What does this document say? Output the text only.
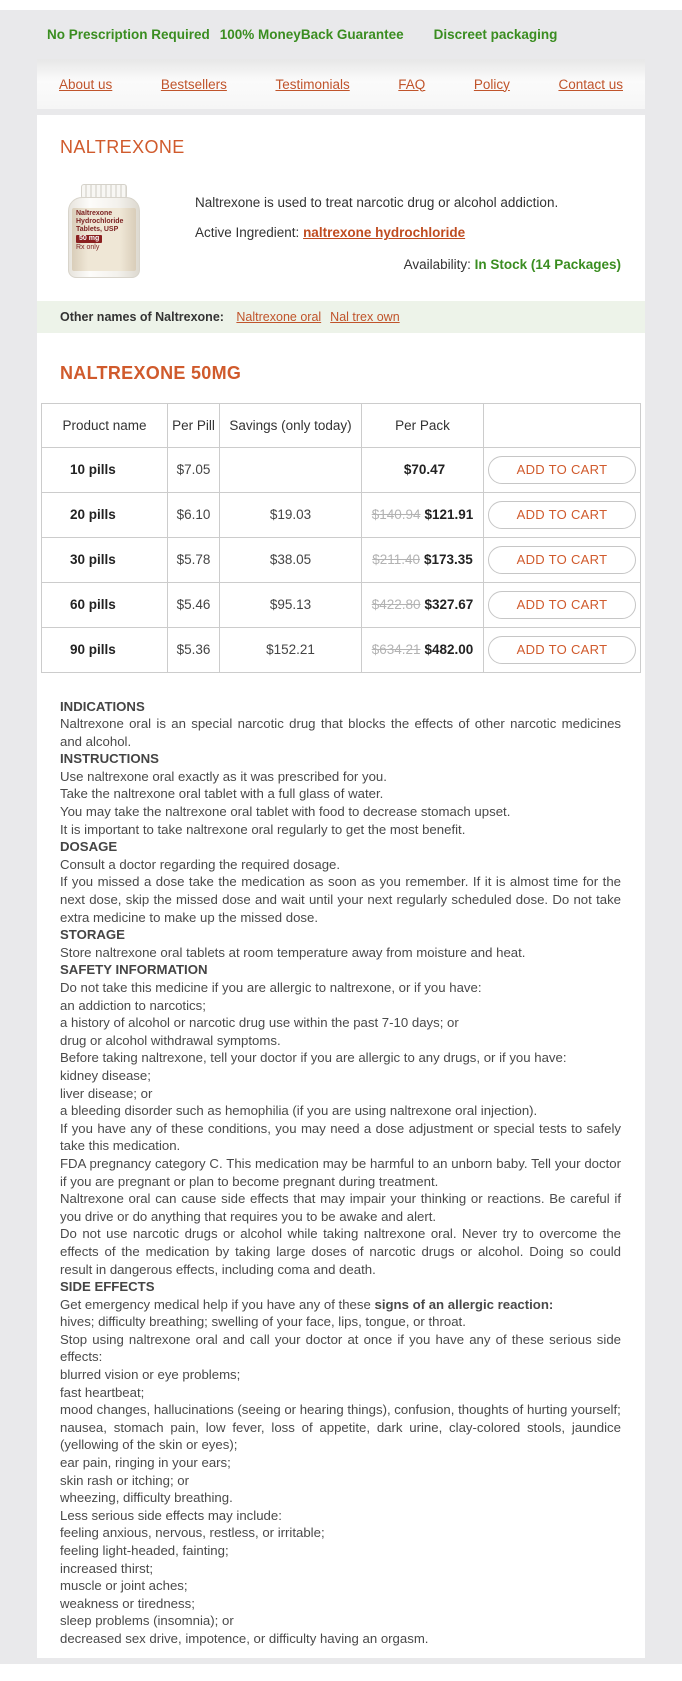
No Prescription Required 100% MoneyBack Guarantee Discreet packaging
About us	Bestsellers	Testimonials	FAQ	Policy	Contact us
NALTREXONE
Naltrexone
Hydrochloride
Tablets, USP
50 mg
Rx only

Naltrexone is used to treat narcotic drug or alcohol addiction.

Active Ingredient: naltrexone hydrochloride

Availability: In Stock (14 Packages)

Other names of Naltrexone: Naltrexone oral Nal trex own
NALTREXONE 50MG
Product name	Per Pill	Savings (only today)	Per Pack	
10 pills	$7.05		$70.47	ADD TO CART
20 pills	$6.10	$19.03	$140.94 $121.91	ADD TO CART
30 pills	$5.78	$38.05	$211.40 $173.35	ADD TO CART
60 pills	$5.46	$95.13	$422.80 $327.67	ADD TO CART
90 pills	$5.36	$152.21	$634.21 $482.00	ADD TO CART
INDICATIONS
Naltrexone oral is an special narcotic drug that blocks the effects of other narcotic medicines and alcohol.
INSTRUCTIONS
Use naltrexone oral exactly as it was prescribed for you.
Take the naltrexone oral tablet with a full glass of water.
You may take the naltrexone oral tablet with food to decrease stomach upset.
It is important to take naltrexone oral regularly to get the most benefit.
DOSAGE
Consult a doctor regarding the required dosage.
If you missed a dose take the medication as soon as you remember. If it is almost time for the next dose, skip the missed dose and wait until your next regularly scheduled dose. Do not take extra medicine to make up the missed dose.
STORAGE
Store naltrexone oral tablets at room temperature away from moisture and heat.
SAFETY INFORMATION
Do not take this medicine if you are allergic to naltrexone, or if you have:
an addiction to narcotics;
a history of alcohol or narcotic drug use within the past 7-10 days; or
drug or alcohol withdrawal symptoms.
Before taking naltrexone, tell your doctor if you are allergic to any drugs, or if you have:
kidney disease;
liver disease; or
a bleeding disorder such as hemophilia (if you are using naltrexone oral injection).
If you have any of these conditions, you may need a dose adjustment or special tests to safely take this medication.
FDA pregnancy category C. This medication may be harmful to an unborn baby. Tell your doctor if you are pregnant or plan to become pregnant during treatment.
Naltrexone oral can cause side effects that may impair your thinking or reactions. Be careful if you drive or do anything that requires you to be awake and alert.
Do not use narcotic drugs or alcohol while taking naltrexone oral. Never try to overcome the effects of the medication by taking large doses of narcotic drugs or alcohol. Doing so could result in dangerous effects, including coma and death.
SIDE EFFECTS
Get emergency medical help if you have any of these signs of an allergic reaction:
hives; difficulty breathing; swelling of your face, lips, tongue, or throat.
Stop using naltrexone oral and call your doctor at once if you have any of these serious side effects:
blurred vision or eye problems;
fast heartbeat;
mood changes, hallucinations (seeing or hearing things), confusion, thoughts of hurting yourself;
nausea, stomach pain, low fever, loss of appetite, dark urine, clay-colored stools, jaundice (yellowing of the skin or eyes);
ear pain, ringing in your ears;
skin rash or itching; or
wheezing, difficulty breathing.
Less serious side effects may include:
feeling anxious, nervous, restless, or irritable;
feeling light-headed, fainting;
increased thirst;
muscle or joint aches;
weakness or tiredness;
sleep problems (insomnia); or
decreased sex drive, impotence, or difficulty having an orgasm.
